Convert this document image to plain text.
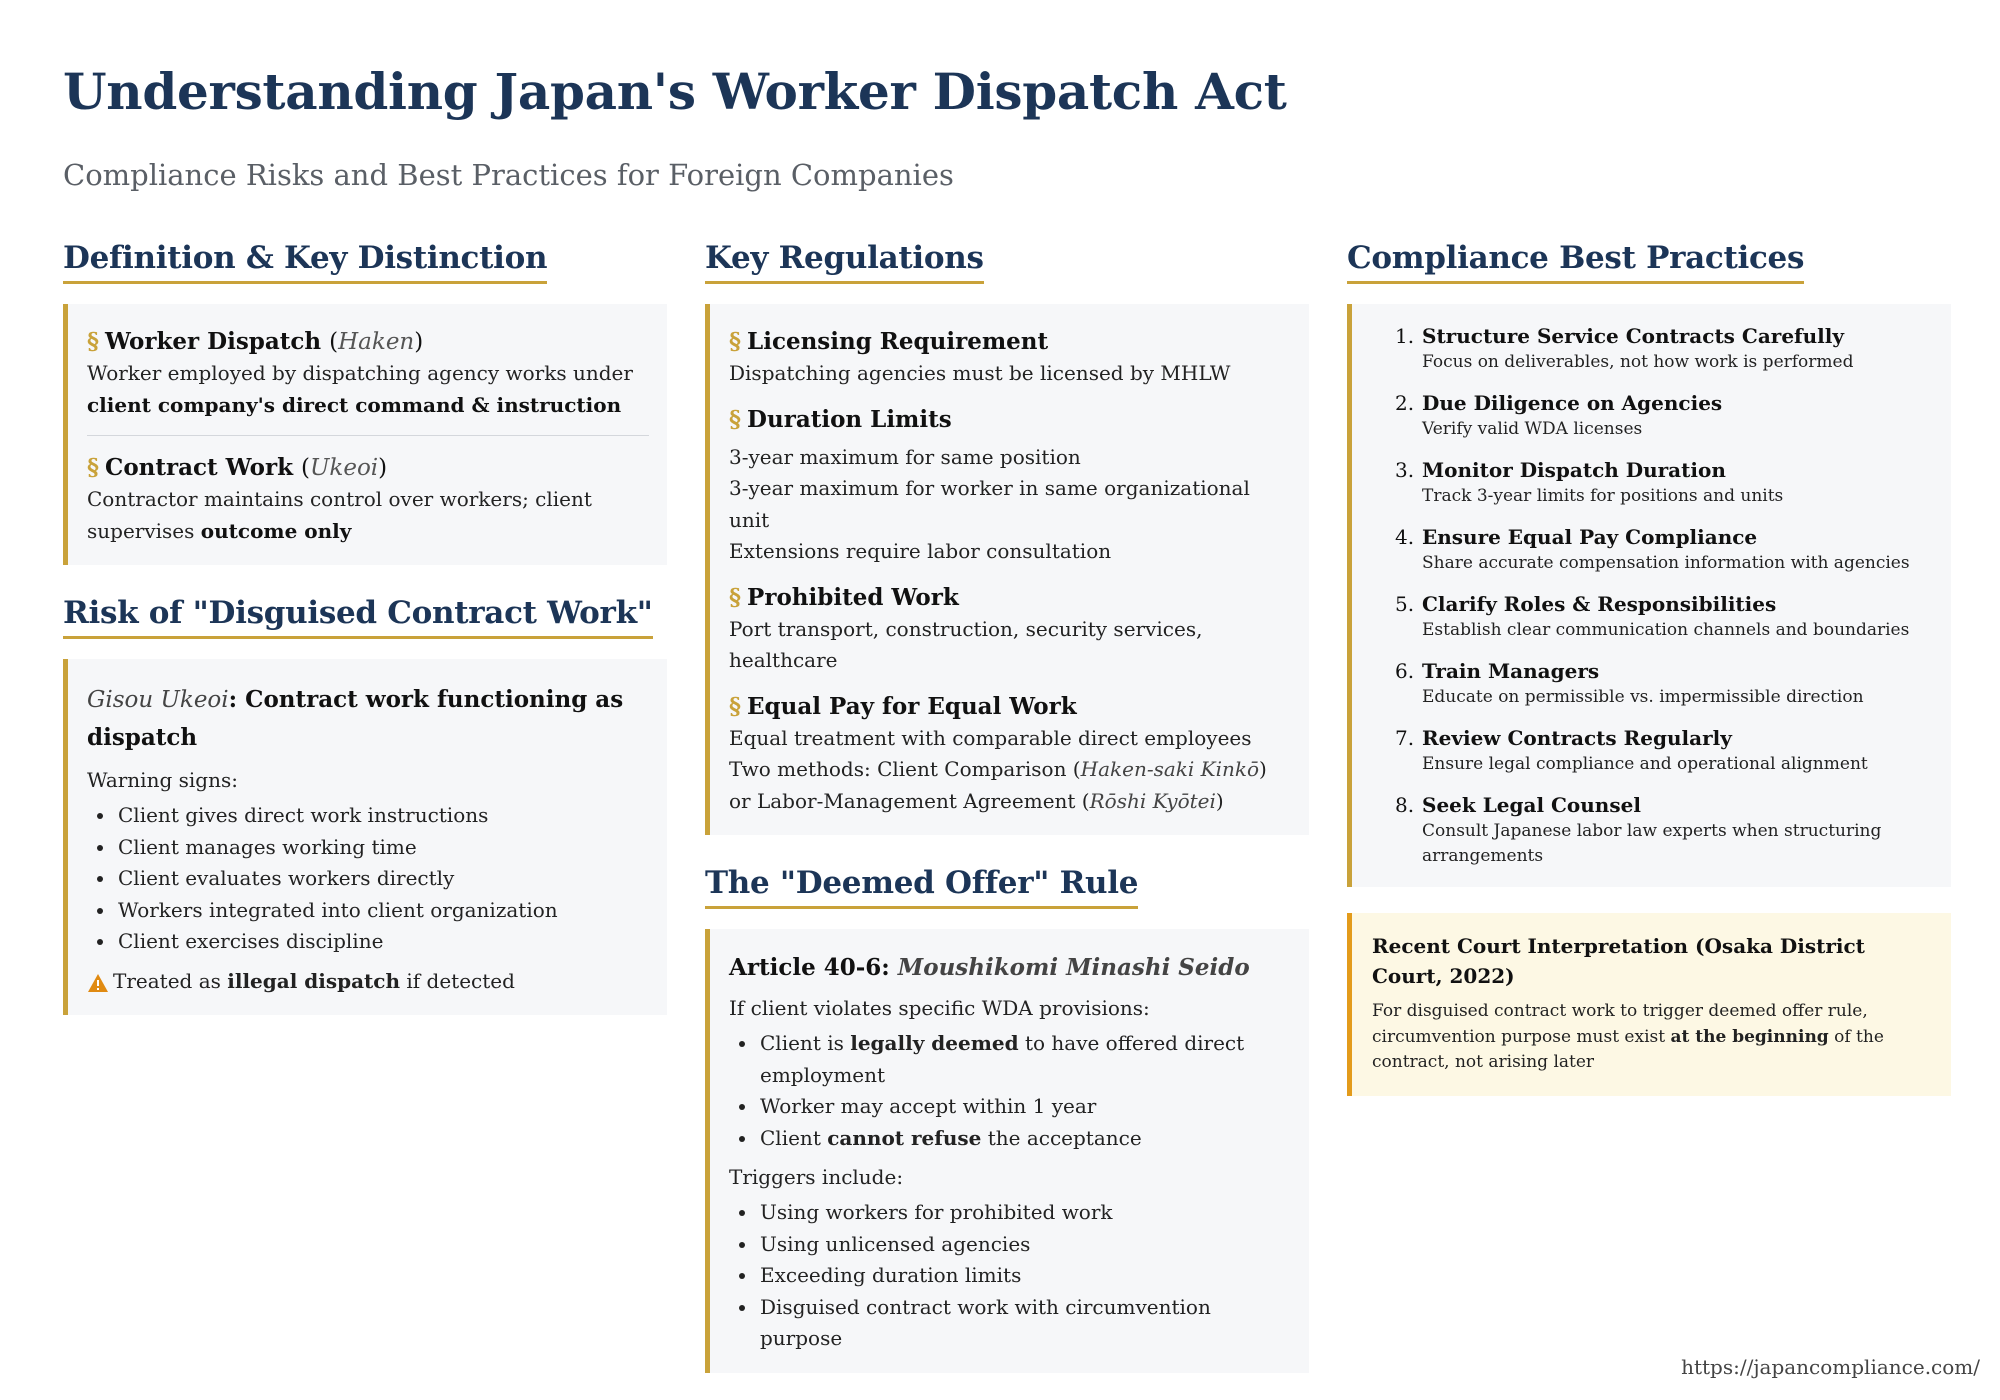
Understanding Japan's Worker Dispatch Act
Compliance Risks and Best Practices for Foreign Companies
Definition & Key Distinction
§ Worker Dispatch (Haken)
Worker employed by dispatching agency works under
client company's direct command & instruction
§ Contract Work (Ukeoi)
Contractor maintains control over workers; client supervises outcome only
Risk of "Disguised Contract Work"
Gisou Ukeoi: Contract work functioning as dispatch
Warning signs:
Client gives direct work instructions
Client manages working time
Client evaluates workers directly
Workers integrated into client organization
Client exercises discipline
Treated as illegal dispatch if detected
Key Regulations
§ Licensing Requirement
Dispatching agencies must be licensed by MHLW
§ Duration Limits
3-year maximum for same position
3-year maximum for worker in same organizational unit
Extensions require labor consultation
§ Prohibited Work
Port transport, construction, security services, healthcare
§ Equal Pay for Equal Work
Equal treatment with comparable direct employees
Two methods: Client Comparison (Haken-saki Kinkō) or Labor-Management Agreement (Rōshi Kyōtei)
The "Deemed Offer" Rule
Article 40-6: Moushikomi Minashi Seido
If client violates specific WDA provisions:
Client is legally deemed to have offered direct employment
Worker may accept within 1 year
Client cannot refuse the acceptance
Triggers include:
Using workers for prohibited work
Using unlicensed agencies
Exceeding duration limits
Disguised contract work with circumvention purpose
Compliance Best Practices
1. Structure Service Contracts Carefully
Focus on deliverables, not how work is performed
2. Due Diligence on Agencies
Verify valid WDA licenses
3. Monitor Dispatch Duration
Track 3-year limits for positions and units
4. Ensure Equal Pay Compliance
Share accurate compensation information with agencies
5. Clarify Roles & Responsibilities
Establish clear communication channels and boundaries
6. Train Managers
Educate on permissible vs. impermissible direction
7. Review Contracts Regularly
Ensure legal compliance and operational alignment
8. Seek Legal Counsel
Consult Japanese labor law experts when structuring arrangements
Recent Court Interpretation (Osaka District Court, 2022)
For disguised contract work to trigger deemed offer rule, circumvention purpose must exist at the beginning of the contract, not arising later
https://japancompliance.com/
